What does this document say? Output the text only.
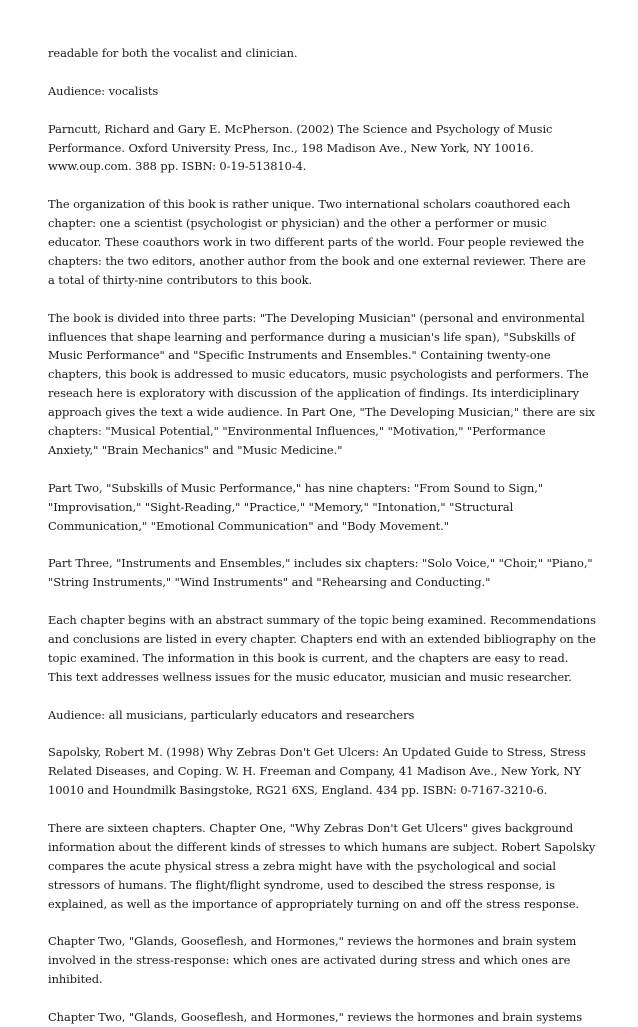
readable for both the vocalist and clinician.

Audience: vocalists

Parncutt, Richard and Gary E. McPherson. (2002) The Science and Psychology of Music Performance. Oxford University Press, Inc., 198 Madison Ave., New York, NY 10016. www.oup.com. 388 pp. ISBN: 0-19-513810-4.

The organization of this book is rather unique. Two international scholars coauthored each chapter: one a scientist (psychologist or physician) and the other a performer or music educator. These coauthors work in two different parts of the world. Four people reviewed the chapters: the two editors, another author from the book and one external reviewer. There are a total of thirty-nine contributors to this book.

The book is divided into three parts: "The Developing Musician" (personal and environmental influences that shape learning and performance during a musician's life span), "Subskills of Music Performance" and "Specific Instruments and Ensembles." Containing twenty-one chapters, this book is addressed to music educators, music psychologists and performers. The reseach here is exploratory with discussion of the application of findings. Its interdiciplinary approach gives the text a wide audience. In Part One, "The Developing Musician," there are six chapters: "Musical Potential," "Environmental Influences," "Motivation," "Performance Anxiety," "Brain Mechanics" and "Music Medicine."

Part Two, "Subskills of Music Performance," has nine chapters: "From Sound to Sign," "Improvisation," "Sight-Reading," "Practice," "Memory," "Intonation," "Structural Communication," "Emotional Communication" and "Body Movement."

Part Three, "Instruments and Ensembles," includes six chapters: "Solo Voice," "Choir," "Piano," "String Instruments," "Wind Instruments" and "Rehearsing and Conducting."

Each chapter begins with an abstract summary of the topic being examined. Recommendations and conclusions are listed in every chapter. Chapters end with an extended bibliography on the topic examined. The information in this book is current, and the chapters are easy to read. This text addresses wellness issues for the music educator, musician and music researcher.

Audience: all musicians, particularly educators and researchers

Sapolsky, Robert M. (1998) Why Zebras Don't Get Ulcers: An Updated Guide to Stress, Stress Related Diseases, and Coping. W. H. Freeman and Company, 41 Madison Ave., New York, NY 10010 and Houndmilk Basingstoke, RG21 6XS, England. 434 pp. ISBN: 0-7167-3210-6.

There are sixteen chapters. Chapter One, "Why Zebras Don't Get Ulcers" gives background information about the different kinds of stresses to which humans are subject. Robert Sapolsky compares the acute physical stress a zebra might have with the psychological and social stressors of humans. The flight/flight syndrome, used to descibed the stress response, is explained, as well as the importance of appropriately turning on and off the stress response.

Chapter Two, "Glands, Gooseflesh, and Hormones," reviews the hormones and brain system involved in the stress-response: which ones are activated during stress and which ones are inhibited.

Chapter Two, "Glands, Gooseflesh, and Hormones," reviews the hormones and brain systems
